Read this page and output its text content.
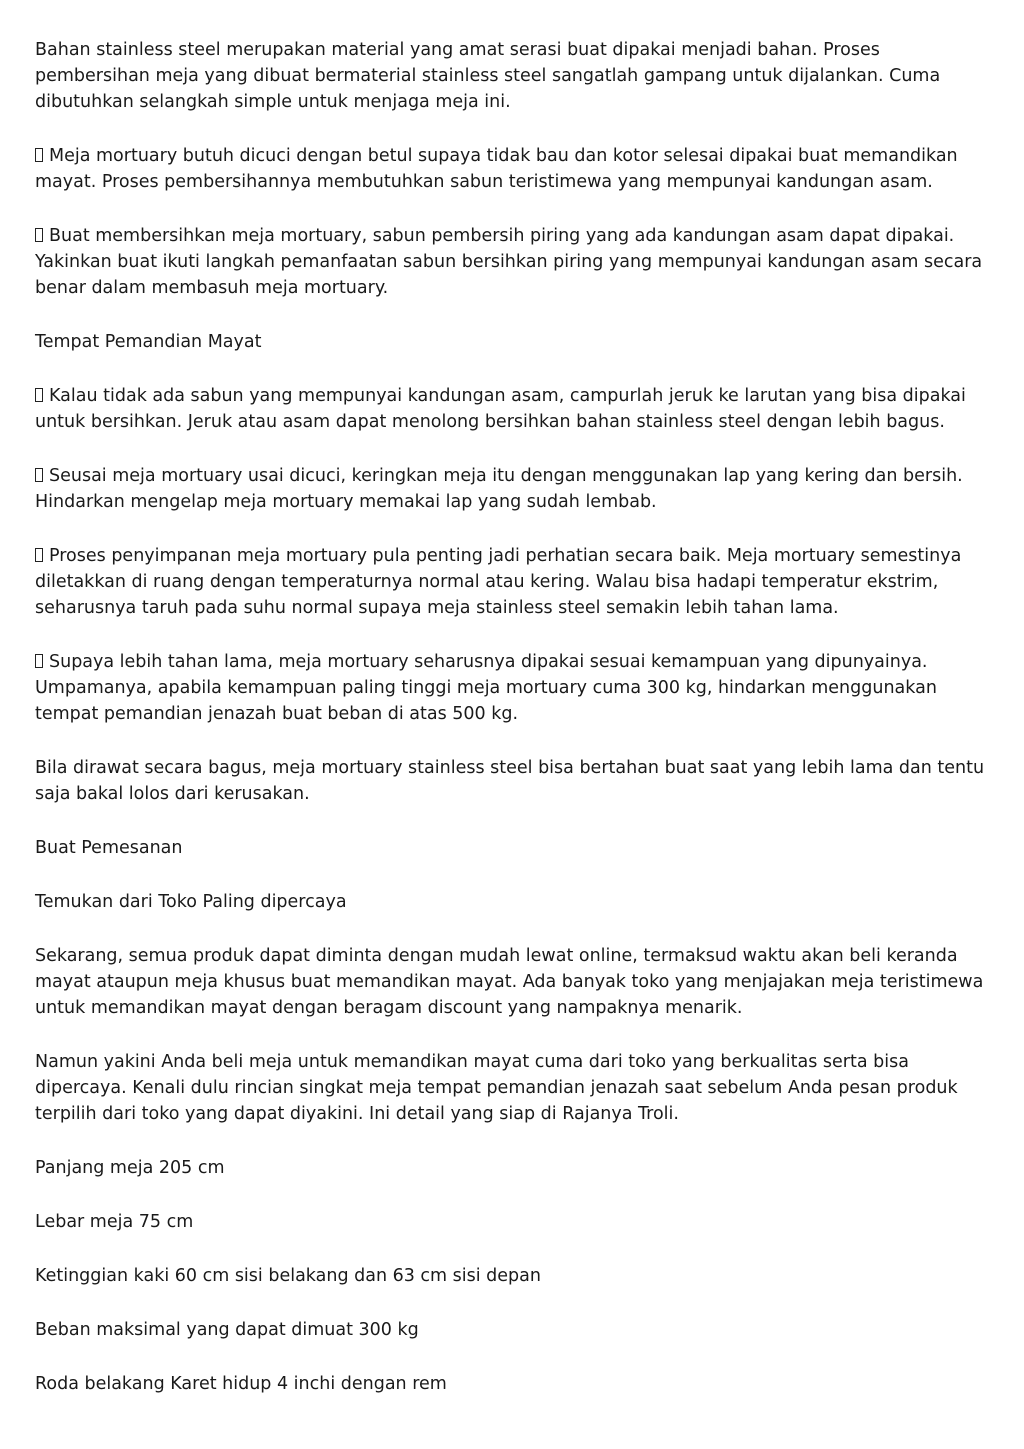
Bahan stainless steel merupakan material yang amat serasi buat dipakai menjadi bahan. Proses pembersihan meja yang dibuat bermaterial stainless steel sangatlah gampang untuk dijalankan. Cuma dibutuhkan selangkah simple untuk menjaga meja ini.

Meja mortuary butuh dicuci dengan betul supaya tidak bau dan kotor selesai dipakai buat memandikan mayat. Proses pembersihannya membutuhkan sabun teristimewa yang mempunyai kandungan asam.

Buat membersihkan meja mortuary, sabun pembersih piring yang ada kandungan asam dapat dipakai. Yakinkan buat ikuti langkah pemanfaatan sabun bersihkan piring yang mempunyai kandungan asam secara benar dalam membasuh meja mortuary.

Tempat Pemandian Mayat

Kalau tidak ada sabun yang mempunyai kandungan asam, campurlah jeruk ke larutan yang bisa dipakai untuk bersihkan. Jeruk atau asam dapat menolong bersihkan bahan stainless steel dengan lebih bagus.

Seusai meja mortuary usai dicuci, keringkan meja itu dengan menggunakan lap yang kering dan bersih. Hindarkan mengelap meja mortuary memakai lap yang sudah lembab.

Proses penyimpanan meja mortuary pula penting jadi perhatian secara baik. Meja mortuary semestinya diletakkan di ruang dengan temperaturnya normal atau kering. Walau bisa hadapi temperatur ekstrim, seharusnya taruh pada suhu normal supaya meja stainless steel semakin lebih tahan lama.

Supaya lebih tahan lama, meja mortuary seharusnya dipakai sesuai kemampuan yang dipunyainya. Umpamanya, apabila kemampuan paling tinggi meja mortuary cuma 300 kg, hindarkan menggunakan tempat pemandian jenazah buat beban di atas 500 kg.

Bila dirawat secara bagus, meja mortuary stainless steel bisa bertahan buat saat yang lebih lama dan tentu saja bakal lolos dari kerusakan.

Buat Pemesanan

Temukan dari Toko Paling dipercaya

Sekarang, semua produk dapat diminta dengan mudah lewat online, termaksud waktu akan beli keranda mayat ataupun meja khusus buat memandikan mayat. Ada banyak toko yang menjajakan meja teristimewa untuk memandikan mayat dengan beragam discount yang nampaknya menarik.

Namun yakini Anda beli meja untuk memandikan mayat cuma dari toko yang berkualitas serta bisa dipercaya. Kenali dulu rincian singkat meja tempat pemandian jenazah saat sebelum Anda pesan produk terpilih dari toko yang dapat diyakini. Ini detail yang siap di Rajanya Troli.

Panjang meja 205 cm

Lebar meja 75 cm

Ketinggian kaki 60 cm sisi belakang dan 63 cm sisi depan

Beban maksimal yang dapat dimuat 300 kg

Roda belakang Karet hidup 4 inchi dengan rem
